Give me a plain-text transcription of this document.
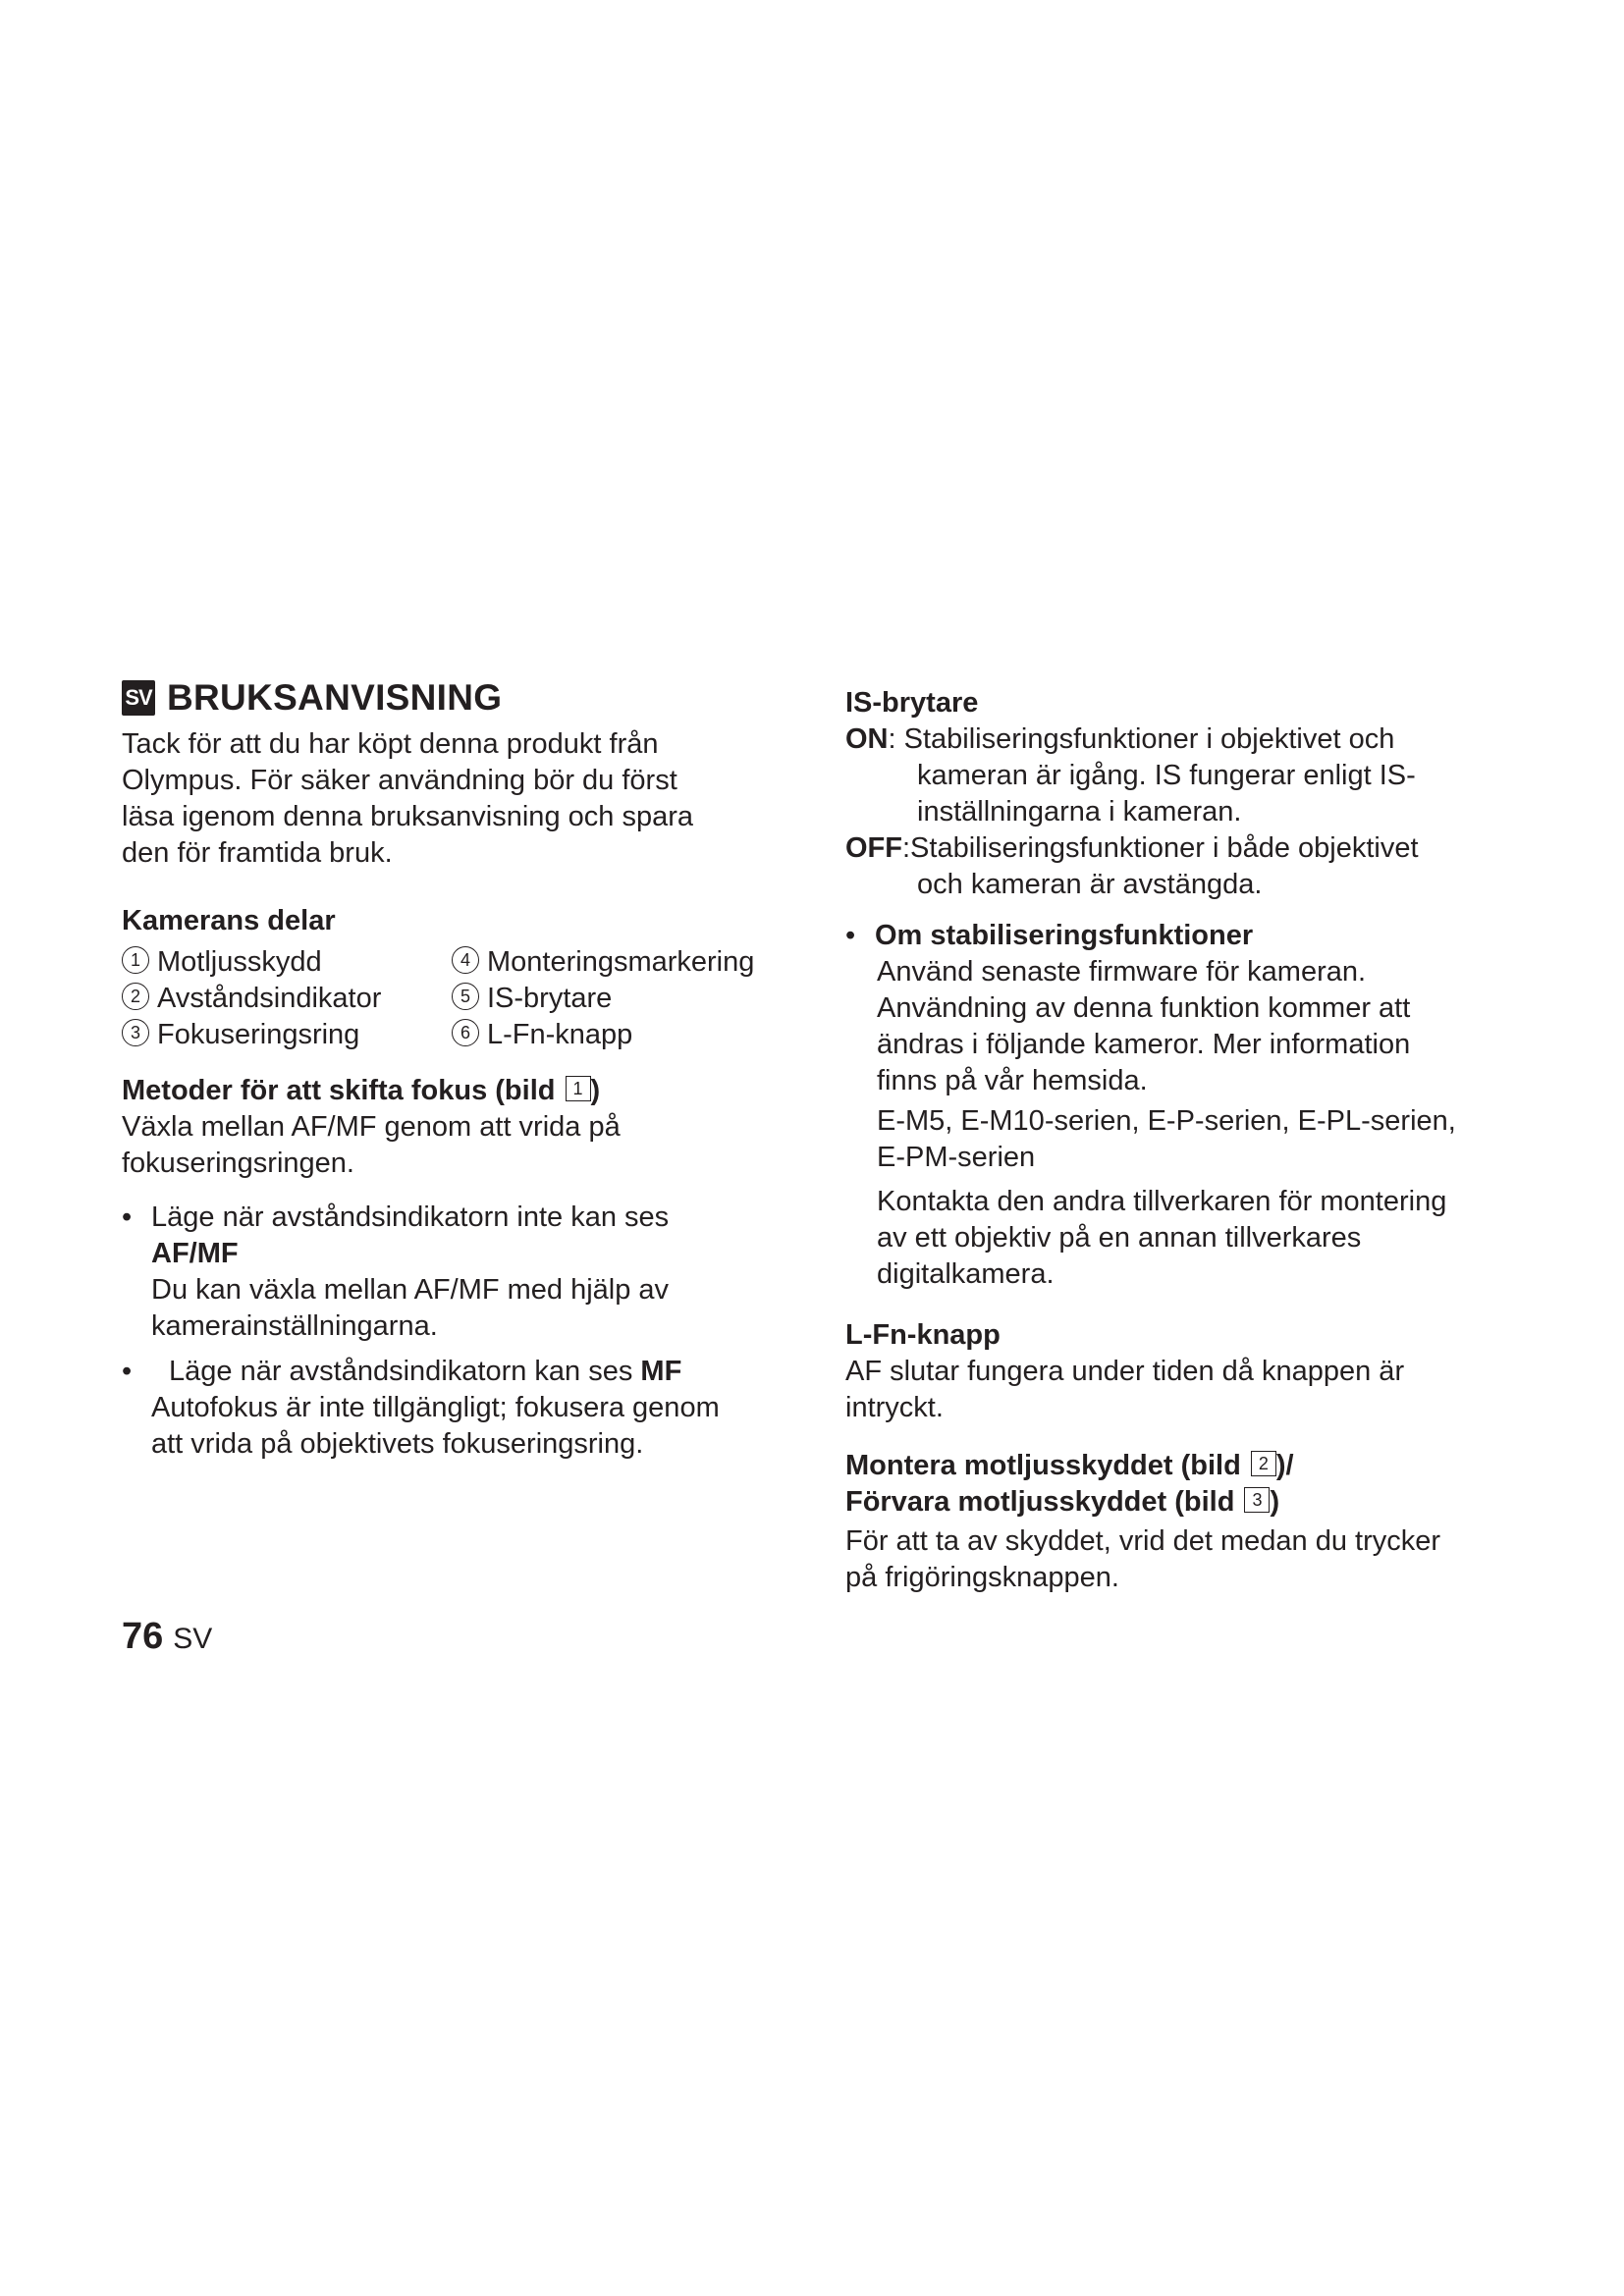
SV BRUKSANVISNING
Tack för att du har köpt denna produkt från
Olympus. För säker användning bör du först
läsa igenom denna bruksanvisning och spara
den för framtida bruk.
Kamerans delar
1 Motljusskydd
2 Avståndsindikator
3 Fokuseringsring
4 Monteringsmarkering
5 IS-brytare
6 L-Fn-knapp
Metoder för att skifta fokus (bild 1 )
Växla mellan AF/MF genom att vrida på
fokuseringsringen.
• Läge när avståndsindikatorn inte kan ses
AF/MF
Du kan växla mellan AF/MF med hjälp av
kamerainställningarna.
• Läge när avståndsindikatorn kan ses MF
Autofokus är inte tillgängligt; fokusera genom
att vrida på objektivets fokuseringsring.
76 SV
IS-brytare
ON: Stabiliseringsfunktioner i objektivet och
kameran är igång. IS fungerar enligt IS-
inställningarna i kameran.
OFF:Stabiliseringsfunktioner i både objektivet
och kameran är avstängda.
• Om stabiliseringsfunktioner
Använd senaste firmware för kameran.
Användning av denna funktion kommer att
ändras i följande kameror. Mer information
finns på vår hemsida.
E-M5, E-M10-serien, E-P-serien, E-PL-serien,
E-PM-serien
Kontakta den andra tillverkaren för montering
av ett objektiv på en annan tillverkares
digitalkamera.
L-Fn-knapp
AF slutar fungera under tiden då knappen är
intryckt.
Montera motljusskyddet (bild 2 )/
Förvara motljusskyddet (bild 3 )
För att ta av skyddet, vrid det medan du trycker
på frigöringsknappen.
